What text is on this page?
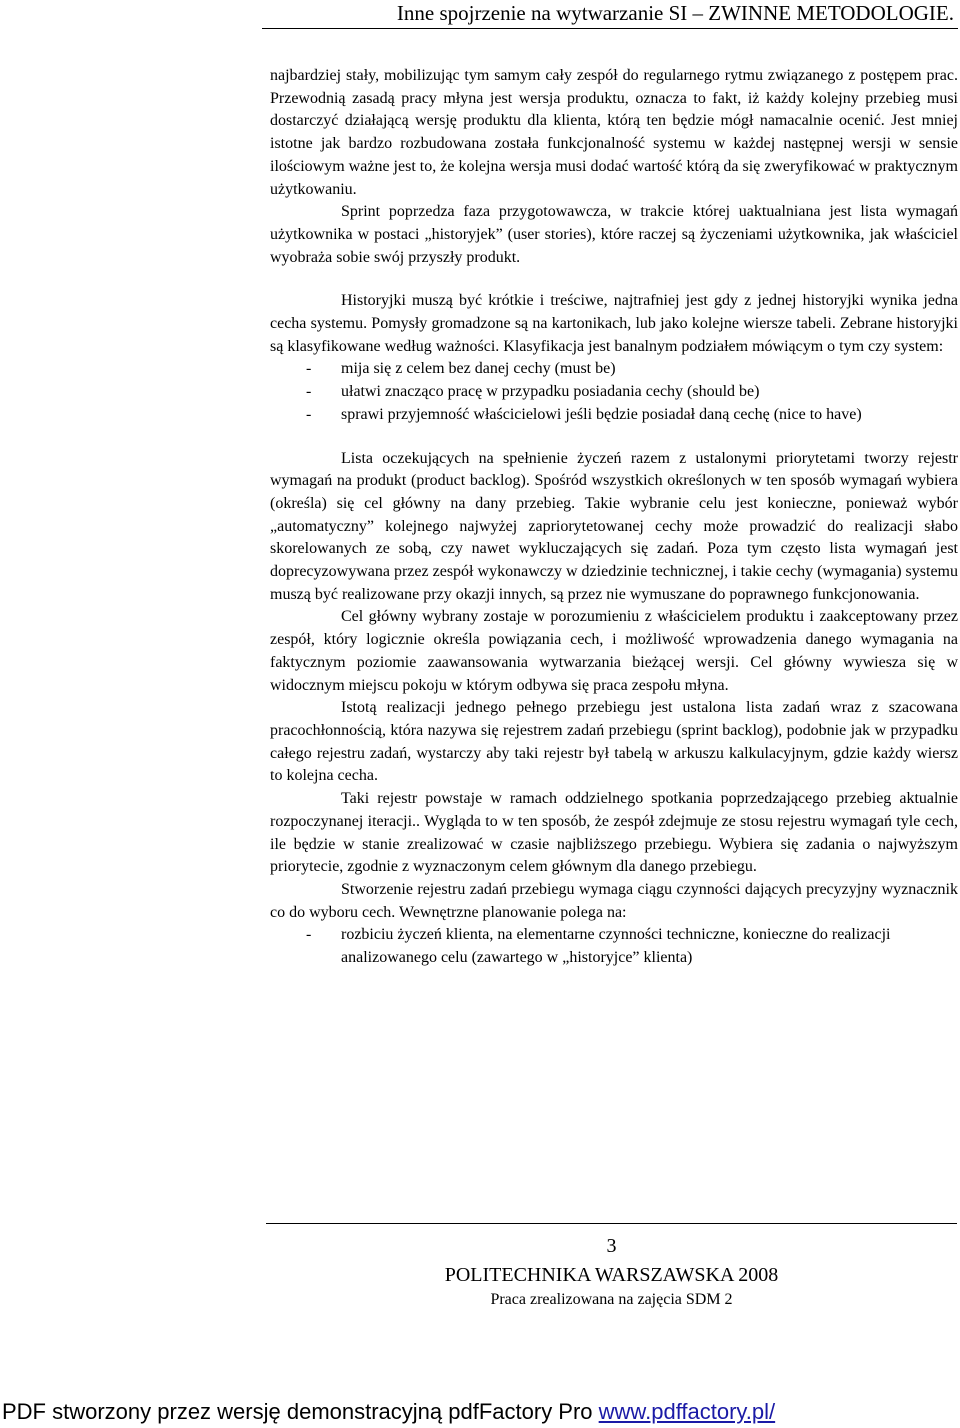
Inne spojrzenie na wytwarzanie SI – ZWINNE METODOLOGIE.

najbardziej stały, mobilizując tym samym cały zespół do regularnego rytmu związanego z postępem prac. Przewodnią zasadą pracy młyna jest wersja produktu, oznacza to fakt, iż każdy kolejny przebieg musi dostarczyć działającą wersję produktu dla klienta, którą ten będzie mógł namacalnie ocenić. Jest mniej istotne jak bardzo rozbudowana została funkcjonalność systemu w każdej następnej wersji w sensie ilościowym ważne jest to, że kolejna wersja musi dodać wartość którą da się zweryfikować w praktycznym użytkowaniu.

Sprint poprzedza faza przygotowawcza, w trakcie której uaktualniana jest lista wymagań użytkownika w postaci „historyjek” (user stories), które raczej są życzeniami użytkownika, jak właściciel wyobraża sobie swój przyszły produkt.

Historyjki muszą być krótkie i treściwe, najtrafniej jest gdy z jednej historyjki wynika jedna cecha systemu. Pomysły gromadzone są na kartonikach, lub jako kolejne wiersze tabeli. Zebrane historyjki są klasyfikowane według ważności. Klasyfikacja jest banalnym podziałem mówiącym o tym czy system:

- mija się z celem bez danej cechy (must be)
- ułatwi znacząco pracę w przypadku posiadania cechy (should be)
- sprawi przyjemność właścicielowi jeśli będzie posiadał daną cechę (nice to have)

Lista oczekujących na spełnienie życzeń razem z ustalonymi priorytetami tworzy rejestr wymagań na produkt (product backlog). Spośród wszystkich określonych w ten sposób wymagań wybiera (określa) się cel główny na dany przebieg. Takie wybranie celu jest konieczne, ponieważ wybór „automatyczny” kolejnego najwyżej zapriorytetowanej cechy może prowadzić do realizacji słabo skorelowanych ze sobą, czy nawet wykluczających się zadań. Poza tym często lista wymagań jest doprecyzowywana przez zespół wykonawczy w dziedzinie technicznej, i takie cechy (wymagania) systemu muszą być realizowane przy okazji innych, są przez nie wymuszane do poprawnego funkcjonowania.

Cel główny wybrany zostaje w porozumieniu z właścicielem produktu i zaakceptowany przez zespół, który logicznie określa powiązania cech, i możliwość wprowadzenia danego wymagania na faktycznym poziomie zaawansowania wytwarzania bieżącej wersji. Cel główny wywiesza się w widocznym miejscu pokoju w którym odbywa się praca zespołu młyna.

Istotą realizacji jednego pełnego przebiegu jest ustalona lista zadań wraz z szacowana pracochłonnością, która nazywa się rejestrem zadań przebiegu (sprint backlog), podobnie jak w przypadku całego rejestru zadań, wystarczy aby taki rejestr był tabelą w arkuszu kalkulacyjnym, gdzie każdy wiersz to kolejna cecha.

Taki rejestr powstaje w ramach oddzielnego spotkania poprzedzającego przebieg aktualnie rozpoczynanej iteracji.. Wygląda to w ten sposób, że zespół zdejmuje ze stosu rejestru wymagań tyle cech, ile będzie w stanie zrealizować w czasie najbliższego przebiegu. Wybiera się zadania o najwyższym priorytecie, zgodnie z wyznaczonym celem głównym dla danego przebiegu.

Stworzenie rejestru zadań przebiegu wymaga ciągu czynności dających precyzyjny wyznacznik co do wyboru cech. Wewnętrzne planowanie polega na:

- rozbiciu życzeń klienta, na elementarne czynności techniczne, konieczne do realizacji analizowanego celu (zawartego w „historyjce” klienta)
3
POLITECHNIKA WARSZAWSKA 2008
Praca zrealizowana na zajęcia SDM 2
PDF stworzony przez wersję demonstracyjną pdfFactory Pro www.pdffactory.pl/
